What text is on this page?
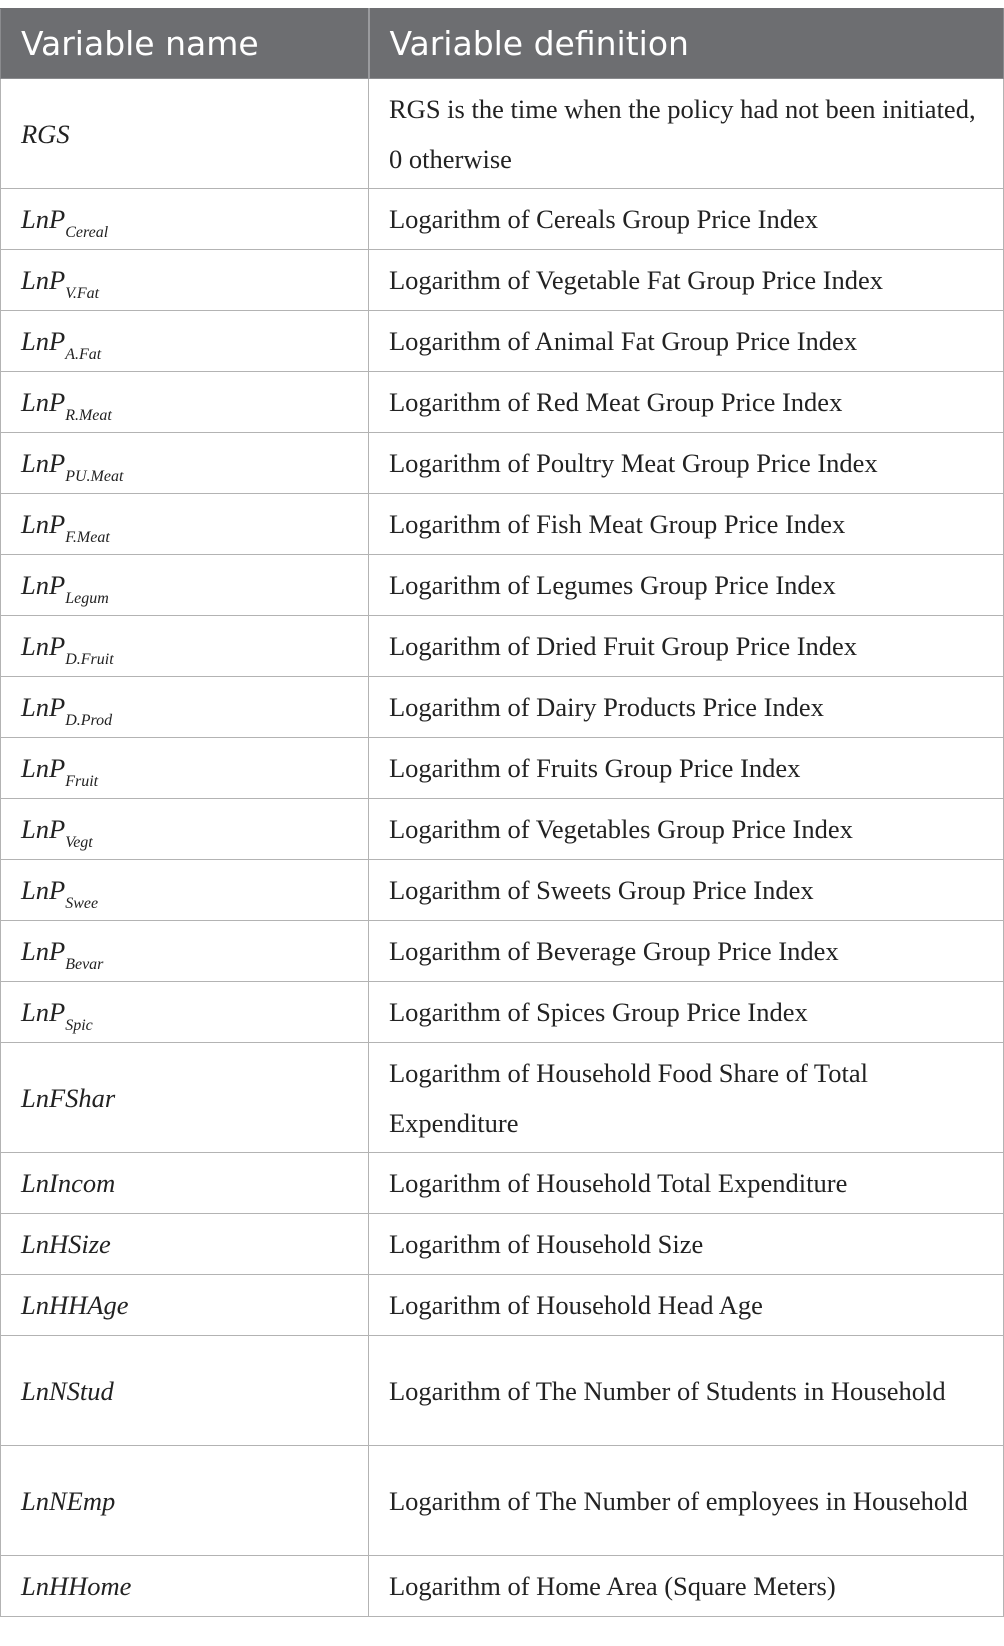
Variable name	Variable definition
RGS	RGS is the time when the policy had not been initiated, 0 otherwise
LnP$_{Cereal}$	Logarithm of Cereals Group Price Index
LnP$_{V.Fat}$	Logarithm of Vegetable Fat Group Price Index
LnP$_{A.Fat}$	Logarithm of Animal Fat Group Price Index
LnP$_{R.Meat}$	Logarithm of Red Meat Group Price Index
LnP$_{PU.Meat}$	Logarithm of Poultry Meat Group Price Index
LnP$_{F.Meat}$	Logarithm of Fish Meat Group Price Index
LnP$_{Legum}$	Logarithm of Legumes Group Price Index
LnP$_{D.Fruit}$	Logarithm of Dried Fruit Group Price Index
LnP$_{D.Prod}$	Logarithm of Dairy Products Price Index
LnP$_{Fruit}$	Logarithm of Fruits Group Price Index
LnP$_{Vegt}$	Logarithm of Vegetables Group Price Index
LnP$_{Swee}$	Logarithm of Sweets Group Price Index
LnP$_{Bevar}$	Logarithm of Beverage Group Price Index
LnP$_{Spic}$	Logarithm of Spices Group Price Index
LnFShar	Logarithm of Household Food Share of Total Expenditure
LnIncom	Logarithm of Household Total Expenditure
LnHSize	Logarithm of Household Size
LnHHAge	Logarithm of Household Head Age
LnNStud	Logarithm of The Number of Students in Household
LnNEmp	Logarithm of The Number of employees in Household
LnHHome	Logarithm of Home Area (Square Meters)
